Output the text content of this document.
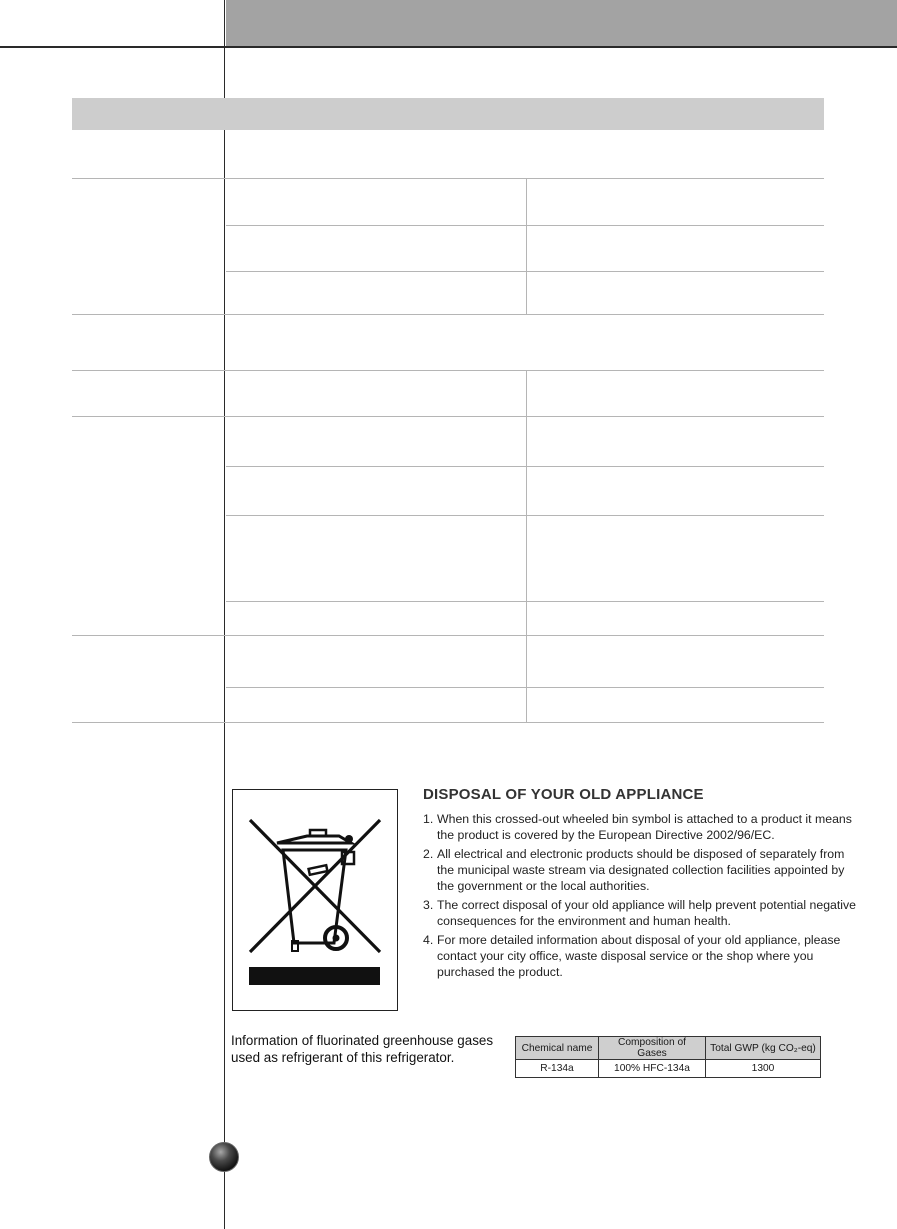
DISPOSAL OF YOUR OLD APPLIANCE
1. When this crossed-out wheeled bin symbol is attached to a product it means the product is covered by the European Directive 2002/96/EC.
2. All electrical and electronic products should be disposed of separately from the municipal waste stream via designated collection facilities appointed by the government or the local authorities.
3. The correct disposal of your old appliance will help prevent potential negative consequences for the environment and human health.
4. For more detailed information about disposal of your old appliance, please contact your city office, waste disposal service or the shop where you purchased the product.
Information of fluorinated greenhouse gases used as refrigerant of this refrigerator.
Chemical name	Composition of Gases	Total GWP (kg CO₂-eq)
R-134a	100% HFC-134a	1300
